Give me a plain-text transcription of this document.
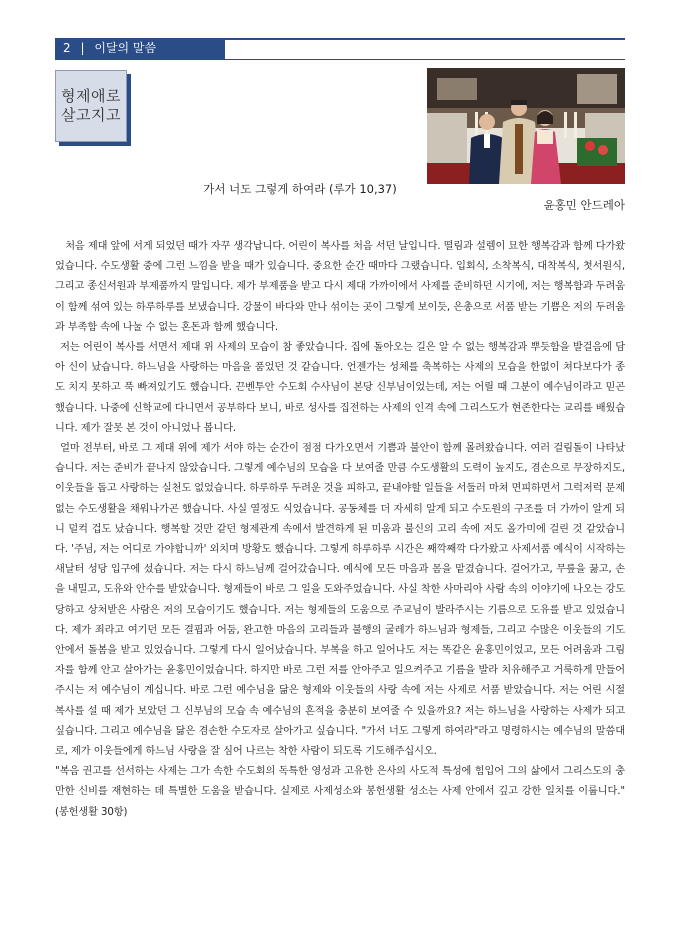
2 | 이달의 말씀
형제애로
살고지고
가서 너도 그렇게 하여라 (루가 10,37)
윤홍민 안드레아

처음 제대 앞에 서게 되었던 때가 자꾸 생각납니다. 어린이 복사를 처음 서던 날입니다. 떨림과 설렘이 묘한 행복감과 함께 다가왔었습니다. 수도생활 중에 그런 느낌을 받을 때가 있습니다. 중요한 순간 때마다 그랬습니다. 입회식, 소착복식, 대착복식, 첫서원식, 그리고 종신서원과 부제품까지 말입니다. 제가 부제품을 받고 다시 제대 가까이에서 사제를 준비하던 시기에, 저는 행복함과 두려움이 함께 섞여 있는 하루하루를 보냈습니다. 강물이 바다와 만나 섞이는 곳이 그렇게 보이듯, 은총으로 서품 받는 기쁨은 저의 두려움과 부족함 속에 나눌 수 없는 혼돈과 함께 했습니다.

저는 어린이 복사를 서면서 제대 위 사제의 모습이 참 좋았습니다. 집에 돌아오는 길은 알 수 없는 행복감과 뿌듯함을 발걸음에 담아 신이 났습니다. 하느님을 사랑하는 마음을 품었던 것 같습니다. 언젠가는 성체를 축복하는 사제의 모습을 한없이 쳐다보다가 종도 치지 못하고 푹 빠져있기도 했습니다. 끈벤투안 수도회 수사님이 본당 신부님이었는데, 저는 어릴 때 그분이 예수님이라고 믿곤 했습니다. 나중에 신학교에 다니면서 공부하다 보니, 바로 성사를 집전하는 사제의 인격 속에 그리스도가 현존한다는 교리를 배웠습니다. 제가 잘못 본 것이 아니었나 봅니다.

얼마 전부터, 바로 그 제대 위에 제가 서야 하는 순간이 점점 다가오면서 기쁨과 불안이 함께 몰려왔습니다. 여러 걸림돌이 나타났습니다. 저는 준비가 끝나지 않았습니다. 그렇게 예수님의 모습을 다 보여줄 만큼 수도생활의 도력이 높지도, 겸손으로 무장하지도, 이웃들을 돕고 사랑하는 실천도 없었습니다. 하루하루 두려운 것을 피하고, 끝내야할 일들을 서둘러 마쳐 면피하면서 그럭저럭 문제없는 수도생활을 채워나가곤 했습니다. 사실 열정도 식었습니다. 공동체를 더 자세히 알게 되고 수도원의 구조를 더 가까이 알게 되니 덜컥 겁도 났습니다. 행복할 것만 같던 형제관계 속에서 발견하게 된 미움과 불신의 고리 속에 저도 올가미에 걸린 것 같았습니다. '주님, 저는 어디로 가야합니까' 외치며 방황도 했습니다. 그렇게 하루하루 시간은 째깍째깍 다가왔고 사제서품 예식이 시작하는 새날터 성당 입구에 섰습니다. 저는 다시 하느님께 걸어갔습니다. 예식에 모든 마음과 몸을 맡겼습니다. 걸어가고, 무릎을 꿇고, 손을 내밀고, 도유와 안수를 받았습니다. 형제들이 바로 그 일을 도와주었습니다. 사실 착한 사마리아 사람 속의 이야기에 나오는 강도당하고 상처받은 사람은 저의 모습이기도 했습니다. 저는 형제들의 도움으로 주교님이 발라주시는 기름으로 도유를 받고 있었습니다. 제가 죄라고 여기던 모든 결핍과 어둠, 완고한 마음의 고리들과 불행의 굴레가 하느님과 형제들, 그리고 수많은 이웃들의 기도 안에서 돌봄을 받고 있었습니다. 그렇게 다시 일어났습니다. 부복을 하고 일어나도 저는 똑같은 윤홍민이었고, 모든 어려움과 그림자를 함께 안고 살아가는 윤홍민이었습니다. 하지만 바로 그런 저를 안아주고 일으켜주고 기름을 발라 치유해주고 거룩하게 만들어주시는 저 예수님이 계십니다. 바로 그런 예수님을 닮은 형제와 이웃들의 사랑 속에 저는 사제로 서품 받았습니다. 저는 어린 시절 복사를 설 때 제가 보았던 그 신부님의 모습 속 예수님의 흔적을 충분히 보여줄 수 있을까요? 저는 하느님을 사랑하는 사제가 되고 싶습니다. 그리고 예수님을 닮은 겸손한 수도자로 살아가고 싶습니다. "가서 너도 그렇게 하여라"라고 명령하시는 예수님의 말씀대로, 제가 이웃들에게 하느님 사랑을 잘 심어 나르는 착한 사람이 되도록 기도해주십시오.

"복음 권고를 선서하는 사제는 그가 속한 수도회의 독특한 영성과 고유한 은사의 사도적 특성에 힘입어 그의 삶에서 그리스도의 충만한 신비를 재현하는 데 특별한 도움을 받습니다. 실제로 사제성소와 봉헌생활 성소는 사제 안에서 깊고 강한 일치를 이룹니다." (봉헌생활 30항)
